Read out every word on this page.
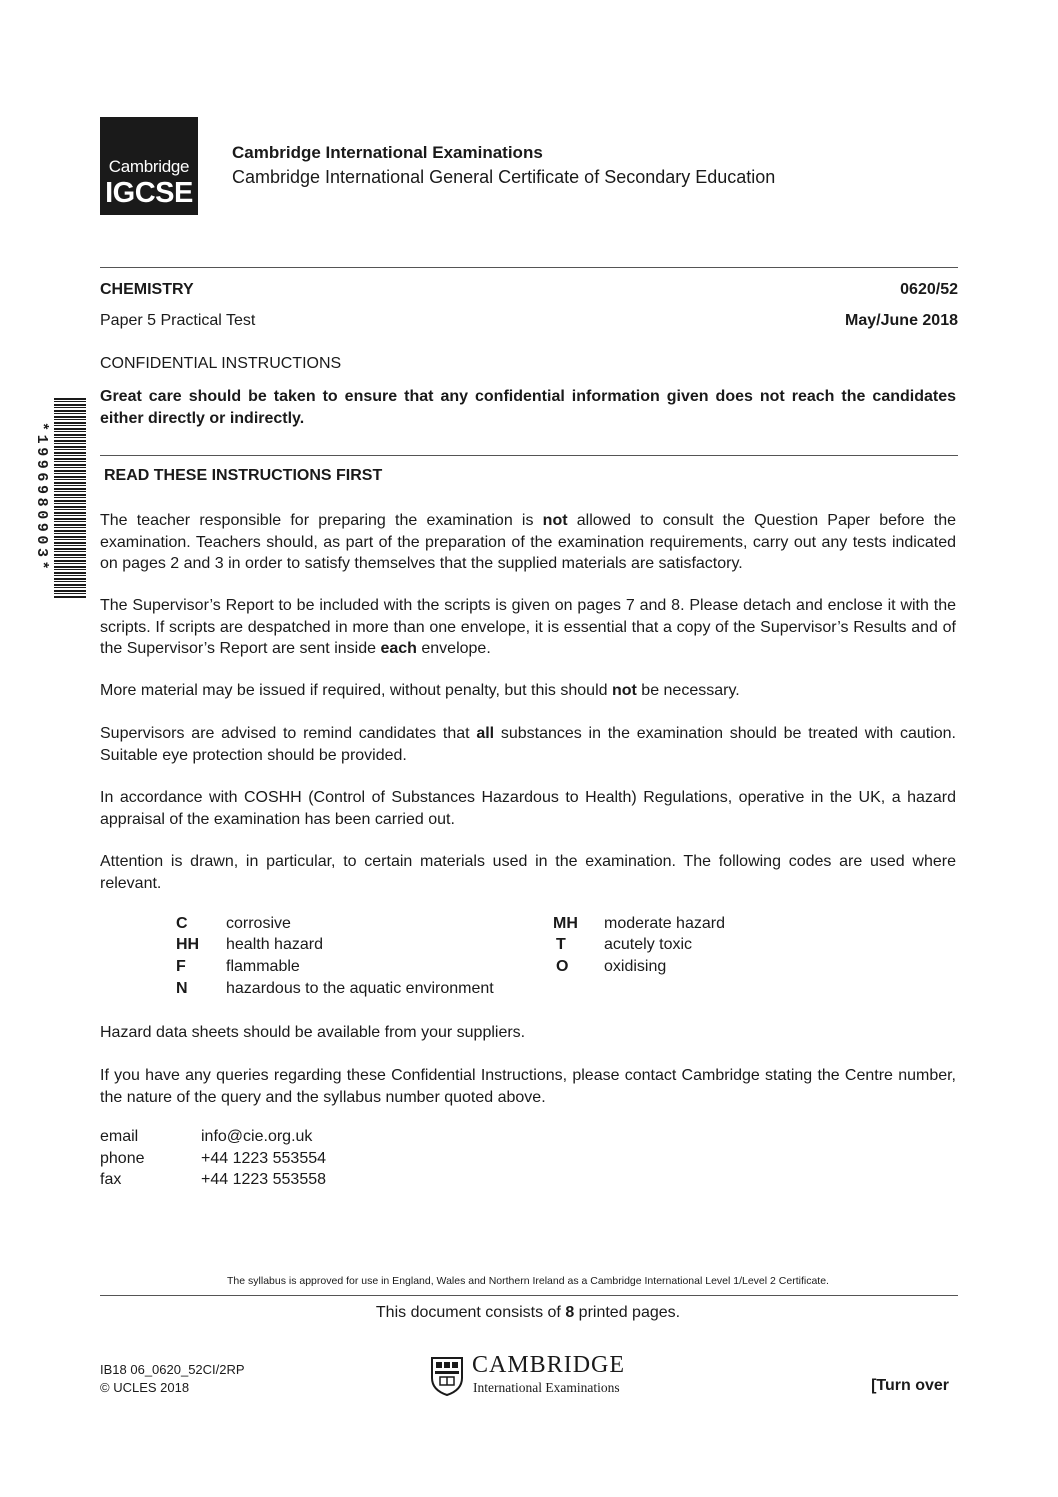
Cambridge
IGCSE
Cambridge International Examinations
Cambridge International General Certificate of Secondary Education
CHEMISTRY	0620/52
Paper 5 Practical Test	May/June 2018
CONFIDENTIAL INSTRUCTIONS
Great care should be taken to ensure that any confidential information given does not reach the candidates either directly or indirectly.
*1996980903*	READ THESE INSTRUCTIONS FIRST
The teacher responsible for preparing the examination is not allowed to consult the Question Paper before the examination. Teachers should, as part of the preparation of the examination requirements, carry out any tests indicated on pages 2 and 3 in order to satisfy themselves that the supplied materials are satisfactory.
The Supervisor’s Report to be included with the scripts is given on pages 7 and 8. Please detach and enclose it with the scripts. If scripts are despatched in more than one envelope, it is essential that a copy of the Supervisor’s Results and of the Supervisor’s Report are sent inside each envelope.
More material may be issued if required, without penalty, but this should not be necessary.
Supervisors are advised to remind candidates that all substances in the examination should be treated with caution. Suitable eye protection should be provided.
In accordance with COSHH (Control of Substances Hazardous to Health) Regulations, operative in the UK, a hazard appraisal of the examination has been carried out.
Attention is drawn, in particular, to certain materials used in the examination. The following codes are used where relevant.
C corrosive
HH health hazard
F	flammable
N hazardous to the aquatic environment
MH moderate hazard
T acutely toxic
O oxidising
Hazard data sheets should be available from your suppliers.
If you have any queries regarding these Confidential Instructions, please contact Cambridge stating the Centre number, the nature of the query and the syllabus number quoted above.
email	info@cie.org.uk
phone	+44 1223 553554
fax	+44 1223 553558
The syllabus is approved for use in England, Wales and Northern Ireland as a Cambridge International Level 1/Level 2 Certificate.
This document consists of 8 printed pages.
IB18 06_0620_52CI/2RP
© UCLES 2018
CAMBRIDGE
International Examinations	[Turn over
